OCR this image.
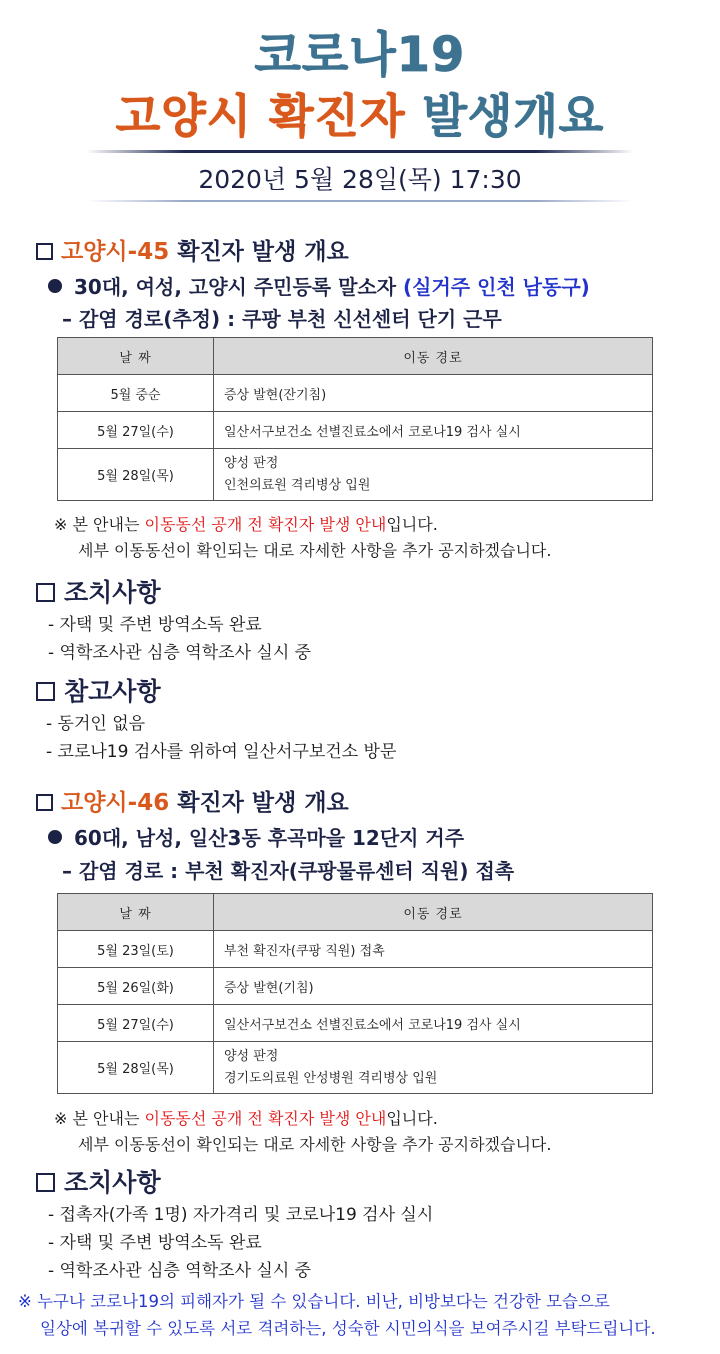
코로나19
고양시 확진자 발생개요
2020년 5월 28일(목) 17:30
고양시-45 확진자 발생 개요
30대, 여성, 고양시 주민등록 말소자 (실거주 인천 남동구)
– 감염 경로(추정) : 쿠팡 부천 신선센터 단기 근무
날 짜	이동 경로
5월 중순	증상 발현(잔기침)
5월 27일(수)	일산서구보건소 선별진료소에서 코로나19 검사 실시
5월 28일(목)	양성 판정
인천의료원 격리병상 입원
※ 본 안내는 이동동선 공개 전 확진자 발생 안내입니다.
세부 이동동선이 확인되는 대로 자세한 사항을 추가 공지하겠습니다.
조치사항
- 자택 및 주변 방역소독 완료
- 역학조사관 심층 역학조사 실시 중
참고사항
- 동거인 없음
- 코로나19 검사를 위하여 일산서구보건소 방문
고양시-46 확진자 발생 개요
60대, 남성, 일산3동 후곡마을 12단지 거주
– 감염 경로 : 부천 확진자(쿠팡물류센터 직원) 접촉
날 짜	이동 경로
5월 23일(토)	부천 확진자(쿠팡 직원) 접촉
5월 26일(화)	증상 발현(기침)
5월 27일(수)	일산서구보건소 선별진료소에서 코로나19 검사 실시
5월 28일(목)	양성 판정
경기도의료원 안성병원 격리병상 입원
※ 본 안내는 이동동선 공개 전 확진자 발생 안내입니다.
세부 이동동선이 확인되는 대로 자세한 사항을 추가 공지하겠습니다.
조치사항
- 접촉자(가족 1명) 자가격리 및 코로나19 검사 실시
- 자택 및 주변 방역소독 완료
- 역학조사관 심층 역학조사 실시 중
※ 누구나 코로나19의 피해자가 될 수 있습니다. 비난, 비방보다는 건강한 모습으로
일상에 복귀할 수 있도록 서로 격려하는, 성숙한 시민의식을 보여주시길 부탁드립니다.
